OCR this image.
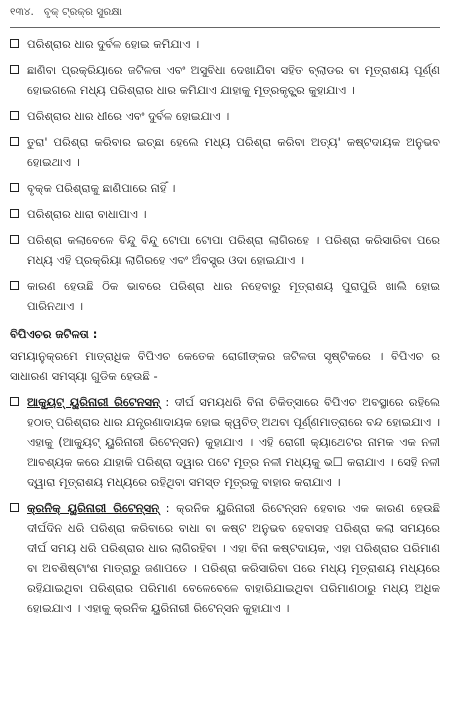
୧୩୪. ବୃକ୍‌ ଟ୍ରକ୍‌ର ସୁରକ୍ଷା
ପରିଶ୍ରାର ଧାର ଦୁର୍ବଳ ହୋଇ କମିଯାଏ ।
ଛାଣିବା ପ୍ରକ୍ରିୟାରେ ଜଟିଳତା ଏବଂ ଅସୁବିଧା ଦେଖାଯିବା ସହିତ ବ୍ଲାଡର ବା ମୂତ୍ରାଶୟ ପୂର୍ଣ୍ଣ ହୋଇଗଲେ ମଧ୍ୟ ପରିଶ୍ରାର ଧାର କମିଯାଏ ଯାହାକୁ ମୂତ୍ରକୃଚ୍ଛ୍ର କୁହାଯାଏ ।
ପରିଶ୍ରାର ଧାର ଧୀରେ ଏବଂ ଦୁର୍ବଳ ହୋଇଯାଏ ।
ତୁରା' ପରିଶ୍ରା କରିବାର ଇଚ୍ଛା ହେଲେ ମଧ୍ୟ ପରିଶ୍ରା କରିବା ଅତ୍ୟ' କଷ୍ଟଦାୟକ ଅନୁଭବ ହୋଇଥାଏ ।
ବୃକ୍କ ପରିଶ୍ରାକୁ ଛାଣିପାରେ ନାହିଁ ।
ପରିଶ୍ରାର ଧାରା ବାଧାପାଏ ।
ପରିଶ୍ରା କଲାବେଳେ ବିନ୍ଦୁ ବିନ୍ଦୁ ଟୋପା ଟୋପା ପରିଶ୍ରା ଲାଗିରହେ । ପରିଶ୍ରା କରିସାରିବା ପରେ ମଧ୍ୟ ଏହି ପ୍ରକ୍ରିୟା ଲାଗିରହେ ଏବଂ ଅଁବସ୍ତ୍ର ଓଦା ହୋଇଯାଏ ।
କାରଣ ହେଉଛି ଠିକ ଭାବରେ ପରିଶ୍ରା ଧାର ନହେବାରୁ ମୂତ୍ରାଶୟ ପୁରାପୁରି ଖାଲି ହୋଇ ପାରିନଥାଏ ।
ବିପିଏଚର ଜଟିଳତା :
ସମୟାନୁକ୍ରମେ ମାତ୍ରାଧିକ ବିପିଏଚ କେତେକ ରୋଗୀଙ୍କର ଜଟିଳତା ସୃଷ୍ଟିକରେ । ବିପିଏଚ ର ସାଧାରଣ ସମସ୍ୟା ଗୁଡିକ ହେଉଛି -
ଆକ୍ୟୁଟ୍‌ ୟୁରିନାରୀ ରିଟେନସନ୍‌ : ଦୀର୍ଘ ସମୟଧରି ବିନା ଚିକିତ୍ସାରେ ବିପିଏଚ ଅବସ୍ଥାରେ ରହିଲେ ହଠାତ୍‌ ପରିଶ୍ରାର ଧାର ଯନ୍ତ୍ରଣାଦାୟକ ହୋଇ କ୍ୱଚିତ୍‌ ଅଥବା ପୂର୍ଣ୍ଣମାତ୍ରାରେ ବନ୍ଦ ହୋଇଯାଏ । ଏହାକୁ (ଆକ୍ୟୁଟ୍‌ ୟୁରିନାରୀ ରିଟେନ୍‌ସନ) କୁହାଯାଏ । ଏହି ରୋଗୀ କ୍ୟାଥେଟର ନାମକ ଏକ ନଳୀ ଆବଶ୍ୟକ କରେ ଯାହାକି ପରିଶ୍ରା ଦ୍ୱାର ପଟେ ମୂତ୍ର ନଳୀ ମଧ୍ୟକୁ ଭ☐ କରାଯାଏ । ସେହି ନଳୀ ଦ୍ୱାରା ମୂତ୍ରାଶୟ ମଧ୍ୟରେ ରହିଥିବା ସମସ୍ତ ମୂତ୍ରକୁ ବାହାର କରାଯାଏ ।
କ୍ରନିକ୍‌ ୟୁରିନାରୀ ରିଟେନ୍‌ସନ୍‌ : କ୍ରନିକ ୟୁରିନାରୀ ରିଟେନ୍‌ସନ ହେବାର ଏକ କାରଣ ହେଉଛି ଦୀର୍ଘଦିନ ଧରି ପରିଶ୍ରା କରିବାରେ ବାଧା ବା କଷ୍ଟ ଅନୁଭବ ହେବାସହ ପରିଶ୍ରା କଲା ସମୟରେ ଦୀର୍ଘ ସମୟ ଧରି ପରିଶ୍ରାର ଧାର ଲାଗିରହିବା । ଏହା ବିନା କଷ୍ଟଦାୟକ, ଏହା ପରିଶ୍ରାର ପରିମାଣ ବା ଅବଶିଷ୍ଟାଂଶ ମାତ୍ରାରୁ ଜଣାପଡେ । ପରିଶ୍ରା କରିସାରିବା ପରେ ମଧ୍ୟ ମୂତ୍ରାଶୟ ମଧ୍ୟରେ ରହିଯାଇଥିବା ପରିଶ୍ରାର ପରିମାଣ ବେଳେବେଳେ ବାହାରିଯାଇଥିବା ପରିମାଣଠାରୁ ମଧ୍ୟ ଅଧିକ ହୋଇଯାଏ । ଏହାକୁ କ୍ରନିକ ୟୁରିନାରୀ ରିଟେନ୍‌ସନ କୁହାଯାଏ ।
